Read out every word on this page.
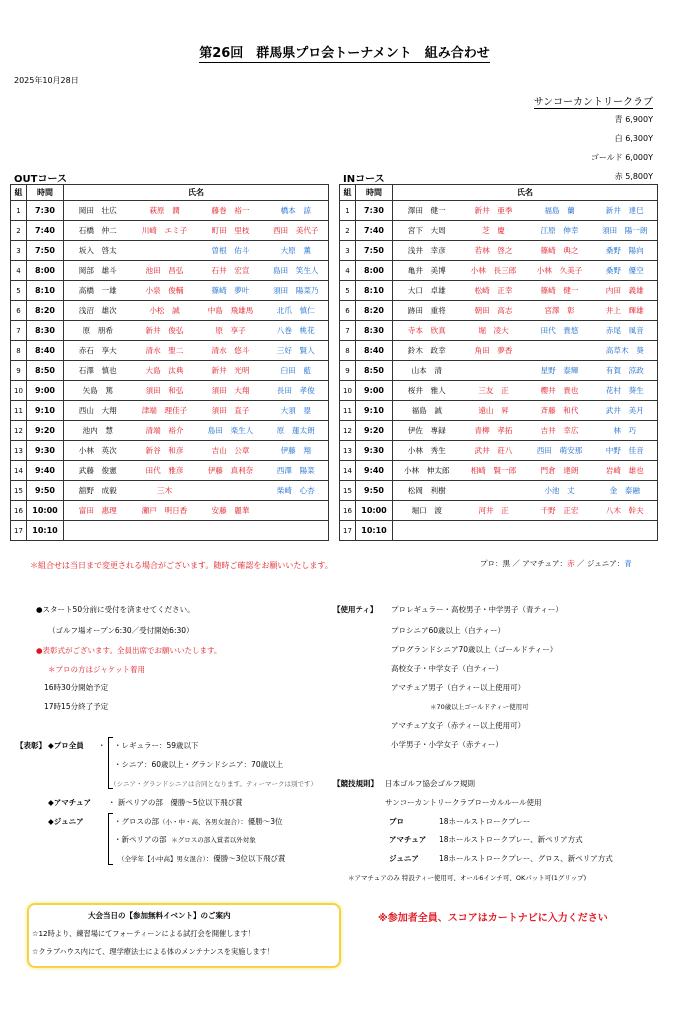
第26回　群馬県プロ会トーナメント　組み合わせ
2025年10月28日
サンコーカントリークラブ
青 6,900Y
白 6,300Y
ゴールド 6,000Y
赤 5,800Y
OUTコース	INコース
組	時間	氏名			
1	7:30	岡田　壮広	萩原　潤	藤巻　裕一	橋本　諒
2	7:40	石橋　仲二	川崎　エミ子	町田　里枝	西田　美代子
3	7:50	坂入　啓太		曽根　佑斗	大原　薫
4	8:00	岡部　雄斗	池田　昌弘	石井　宏宣	島田　笑生人
5	8:10	高橋　一雄	小泉　俊輔	篠崎　夢叶	須田　陽菜乃
6	8:20	浅沼　雄次	小松　誠	中島　飛雄馬	北爪　慎仁
7	8:30	原　朋希	新井　俊弘	原　享子	八巻　桃花
8	8:40	赤石　享大	清水　聖二	清水　悠斗	三好　賢人
9	8:50	石澤　慎也	大島　汰典	新井　光明	臼田　藍
10	9:00	矢島　篤	須田　和弘	須田　大翔	長田　孝俊
11	9:10	西山　大翔	津端　理佳子	須田　直子	大須　塁
12	9:20	池内　慧	清端　裕介	島田　楽生人	原　蓮太朗
13	9:30	小林　英次	新谷　和彦	吉山　公章	伊藤　翔
14	9:40	武藤　俊憲	田代　雅彦	伊藤　真利奈	西澤　陽菜
15	9:50	舘野　成毅	三木		柴崎　心杏
16	10:00	富田　惠理	瀬戸　明日香	安藤　麗華	
17	10:10				
組	時間	氏名			
1	7:30	澤田　健一	新井　亜季	福島　蘭	新井　達巳
2	7:40	宮下　大周	芝　慶	江原　伸幸	須田　陽一朗
3	7:50	浅井　幸彦	若林　啓之	篠崎　典之	桑野　陽向
4	8:00	亀井　美博	小林　長三郎	小林　久美子	桑野　優空
5	8:10	大口　卓雄	松崎　正幸	篠崎　健一	内田　義雄
6	8:20	跡田　重将	朝田　高志	宮澤　彰	井上　輝雄
7	8:30	寺本　欣真	堀　凌大	田代　貴悠	赤尾　風音
8	8:40	鈴木　政幸	角田　夢香		高草木　葵
9	8:50	山本　清		星野　泰輝	有賀　涼政
10	9:00	桜井　雅人	三友　正	櫻井　貴也	花村　葵生
11	9:10	福島　誠	遠山　昇	斉藤　和代	武井　美月
12	9:20	伊佐　專録	青柳　孝拓	吉井　幸広	林　巧
13	9:30	小林　秀生	武井　莊八	西田　萌安那	中野　佳音
14	9:40	小林　伸太郎	相崎　賢一郎	門倉　達朗	岩崎　雄也
15	9:50	松岡　利樹		小池　丈	金　泰融
16	10:00	堀口　渡	河井　正	千野　正宏	八木　幹夫
17	10:10				
＊組合せは当日まで変更される場合がございます。随時ご確認をお願いいたします。	プロ：黒 ／ アマチュア：赤 ／ ジュニア：青
●スタート50分前に受付を済ませてください。
（ゴルフ場オープン6:30／受付開始6:30）
●表彰式がございます。全員出席でお願いいたします。
＊プロの方はジャケット着用
16時30分開始予定
17時15分終了予定
【表彰】 ◆プロ全員 ・ ・レギュラー：59歳以下
・シニア：60歳以上・グランドシニア：70歳以上
（シニア・グランドシニアは合同となります。ティーマークは別です）
◆アマチュア ・ 新ペリアの部　優勝～5位以下飛び賞
◆ジュニア	・グロスの部（小・中・高、各男女混合）：優勝～3位
・新ペリアの部 ＊グロスの部入賞者以外対象
（全学年【小中高】男女混合）：優勝～3位以下飛び賞
【使用ティ】 プロレギュラー・高校男子・中学男子（青ティー）
プロシニア60歳以上（白ティー）
プログランドシニア70歳以上（ゴールドティー）
高校女子・中学女子（白ティー）
アマチュア男子（白ティー以上使用可）
＊70歳以上ゴールドティー使用可
アマチュア女子（赤ティー以上使用可）
小学男子・小学女子（赤ティー）
【競技規則】 日本ゴルフ協会ゴルフ規則
サンコーカントリークラブローカルルール使用
プロ	18ホールストロークプレー
アマチュア 18ホールストロークプレー、新ペリア方式
ジュニア	18ホールストロークプレー、グロス、新ペリア方式
＊アマチュアのみ 特設ティー使用可、オール6インチ可、OKパット可(1グリップ)
大会当日の【参加無料イベント】のご案内
☆12時より、練習場にてフォーティーンによる試打会を開催します！
☆クラブハウス内にて、理学療法士による体のメンテナンスを実施します！
※参加者全員、スコアはカートナビに入力ください
